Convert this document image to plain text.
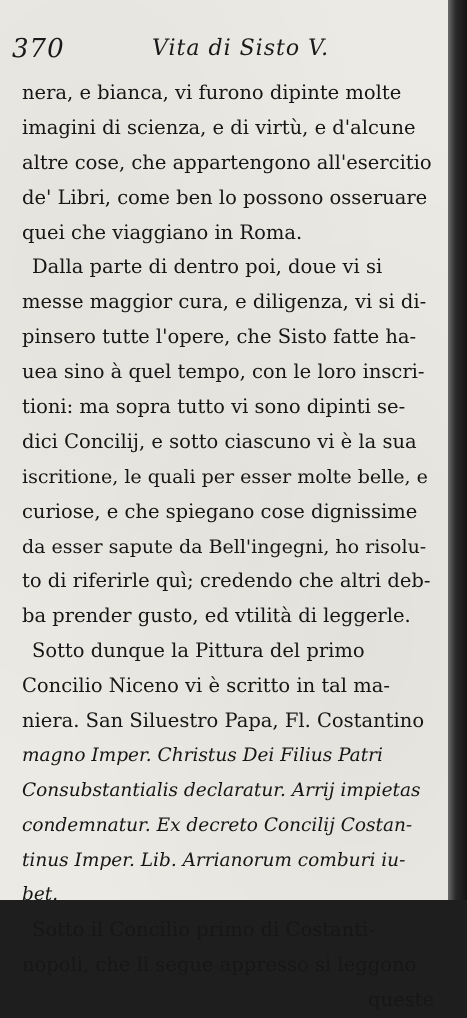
370	Vita di Sisto V.
nera, e bianca, vi furono dipinte molte
imagini di scienza, e di virtù, e d'alcune
altre cose, che appartengono all'esercitio
de' Libri, come ben lo possono osseruare
quei che viaggiano in Roma.
Dalla parte di dentro poi, doue vi si
messe maggior cura, e diligenza, vi si di-
pinsero tutte l'opere, che Sisto fatte ha-
uea sino à quel tempo, con le loro inscri-
tioni: ma sopra tutto vi sono dipinti se-
dici Concilij, e sotto ciascuno vi è la sua
iscritione, le quali per esser molte belle, e
curiose, e che spiegano cose dignissime
da esser sapute da Bell'ingegni, ho risolu-
to di riferirle quì; credendo che altri deb-
ba prender gusto, ed vtilità di leggerle.
Sotto dunque la Pittura del primo
Concilio Niceno vi è scritto in tal ma-
niera. San Siluestro Papa, Fl. Costantino
magno Imper. Christus Dei Filius Patri
Consubstantialis declaratur. Arrij impietas
condemnatur. Ex decreto Concilij Costan-
tinus Imper. Lib. Arrianorum comburi iu-
bet.
Sotto il Concilio primo di Costanti-
nopoli, che li segue appresso si leggono
queste
